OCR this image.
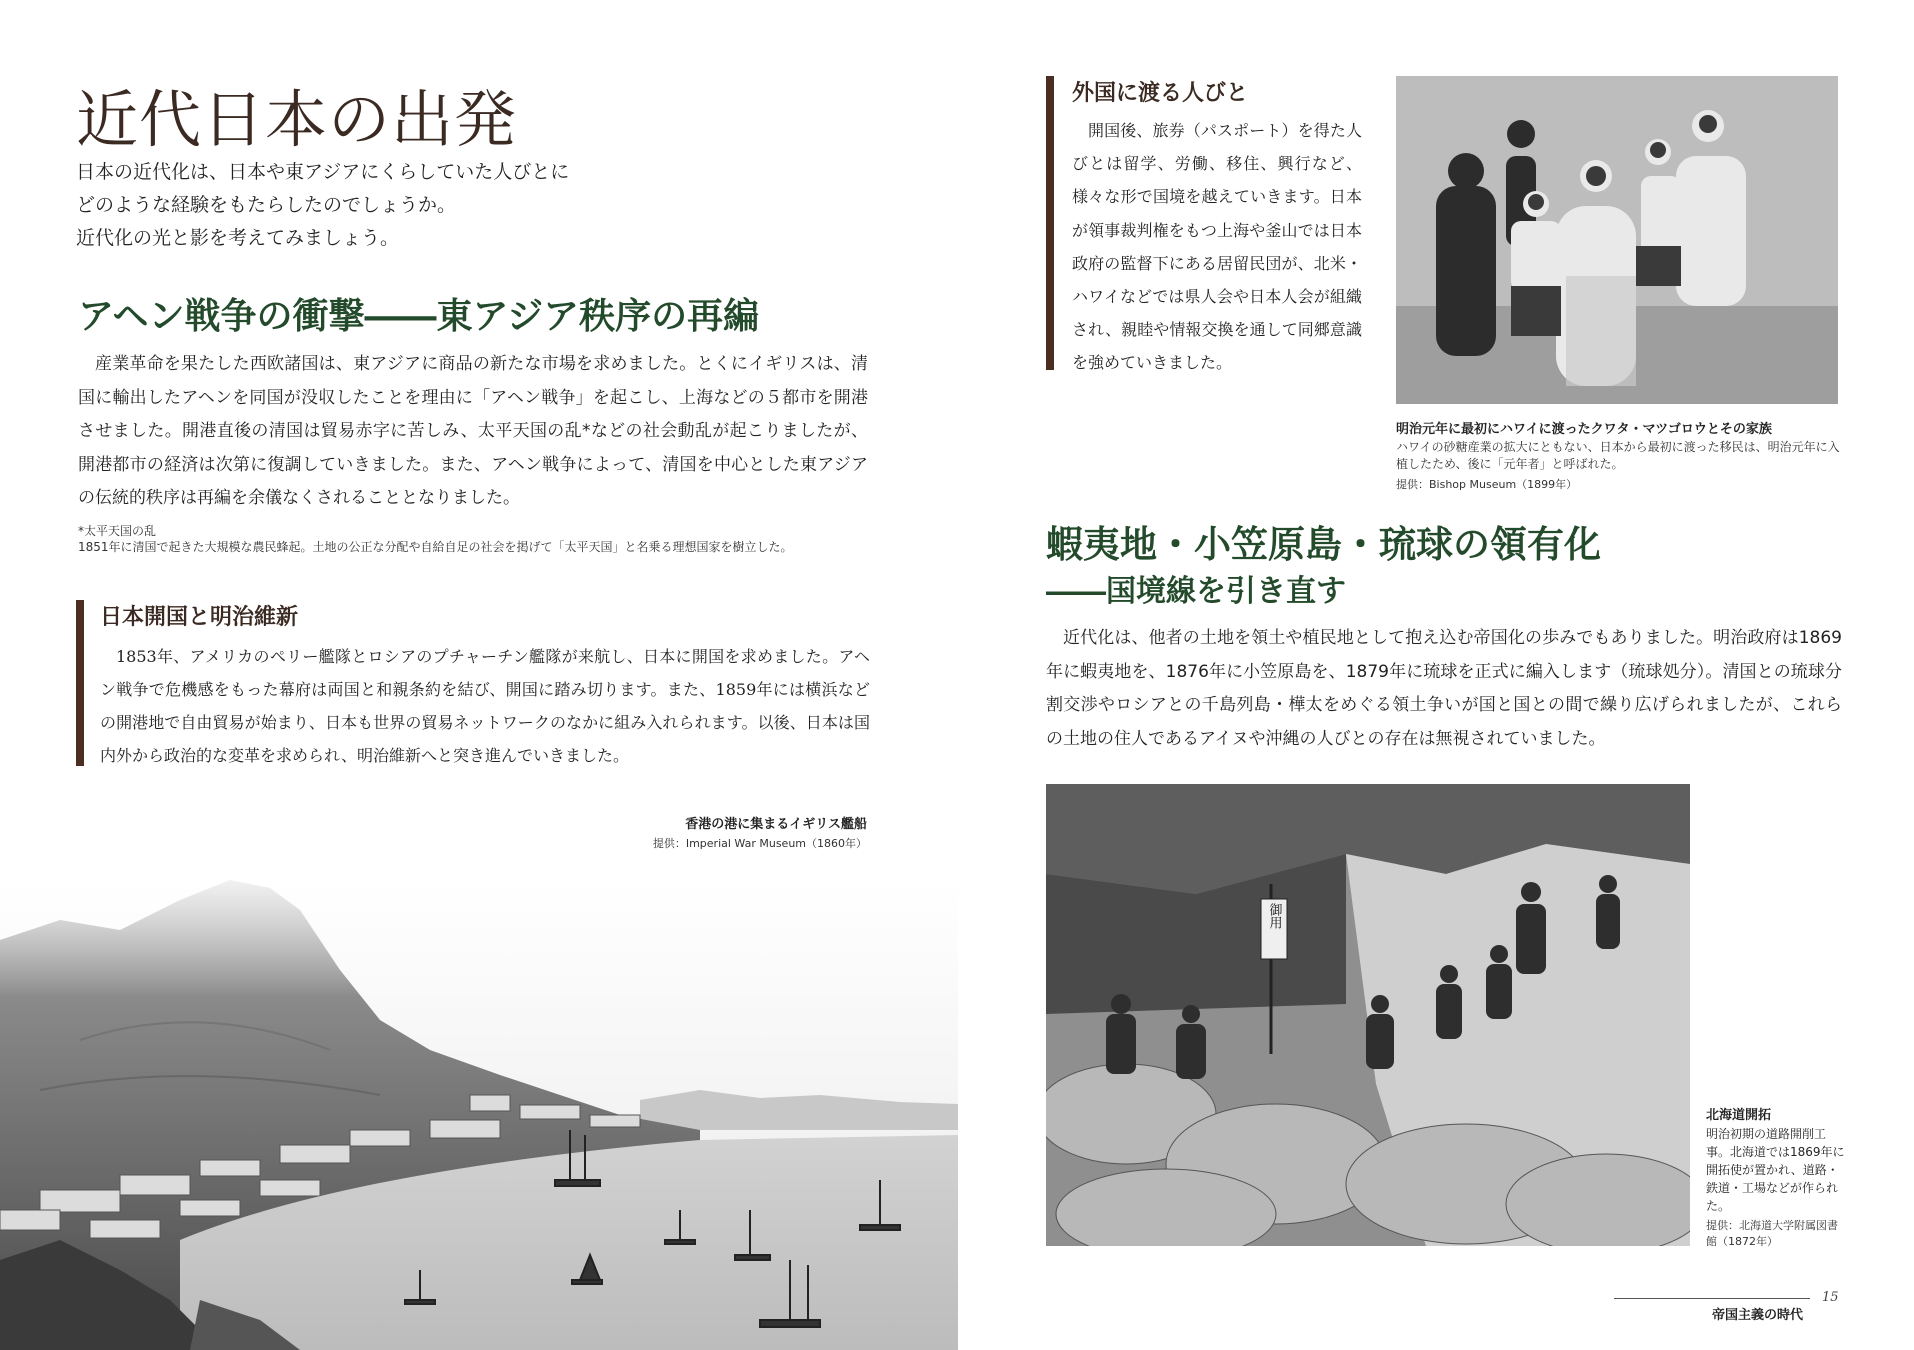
近代日本の出発
日本の近代化は、日本や東アジアにくらしていた人びとに
どのような経験をもたらしたのでしょうか。
近代化の光と影を考えてみましょう。
アヘン戦争の衝撃――東アジア秩序の再編
産業革命を果たした西欧諸国は、東アジアに商品の新たな市場を求めました。とくにイギリスは、清国に輸出したアヘンを同国が没収したことを理由に「アヘン戦争」を起こし、上海などの５都市を開港させました。開港直後の清国は貿易赤字に苦しみ、太平天国の乱*などの社会動乱が起こりましたが、開港都市の経済は次第に復調していきました。また、アヘン戦争によって、清国を中心とした東アジアの伝統的秩序は再編を余儀なくされることとなりました。
*太平天国の乱
1851年に清国で起きた大規模な農民蜂起。土地の公正な分配や自給自足の社会を掲げて「太平天国」と名乗る理想国家を樹立した。
日本開国と明治維新
1853年、アメリカのペリー艦隊とロシアのプチャーチン艦隊が来航し、日本に開国を求めました。アヘン戦争で危機感をもった幕府は両国と和親条約を結び、開国に踏み切ります。また、1859年には横浜などの開港地で自由貿易が始まり、日本も世界の貿易ネットワークのなかに組み入れられます。以後、日本は国内外から政治的な変革を求められ、明治維新へと突き進んでいきました。
香港の港に集まるイギリス艦船
提供：Imperial War Museum（1860年）
外国に渡る人びと
開国後、旅券（パスポート）を得た人びとは留学、労働、移住、興行など、様々な形で国境を越えていきます。日本が領事裁判権をもつ上海や釜山では日本政府の監督下にある居留民団が、北米・ハワイなどでは県人会や日本人会が組織され、親睦や情報交換を通して同郷意識を強めていきました。
明治元年に最初にハワイに渡ったクワタ・マツゴロウとその家族
ハワイの砂糖産業の拡大にともない、日本から最初に渡った移民は、明治元年に入植したため、後に「元年者」と呼ばれた。
提供：Bishop Museum（1899年）
蝦夷地・小笠原島・琉球の領有化
――国境線を引き直す
近代化は、他者の土地を領土や植民地として抱え込む帝国化の歩みでもありました。明治政府は1869年に蝦夷地を、1876年に小笠原島を、1879年に琉球を正式に編入します（琉球処分）。清国との琉球分割交渉やロシアとの千島列島・樺太をめぐる領土争いが国と国との間で繰り広げられましたが、これらの土地の住人であるアイヌや沖縄の人びとの存在は無視されていました。
御用
北海道開拓
明治初期の道路開削工事。北海道では1869年に開拓使が置かれ、道路・鉄道・工場などが作られた。
提供：北海道大学附属図書館（1872年）
15
帝国主義の時代
